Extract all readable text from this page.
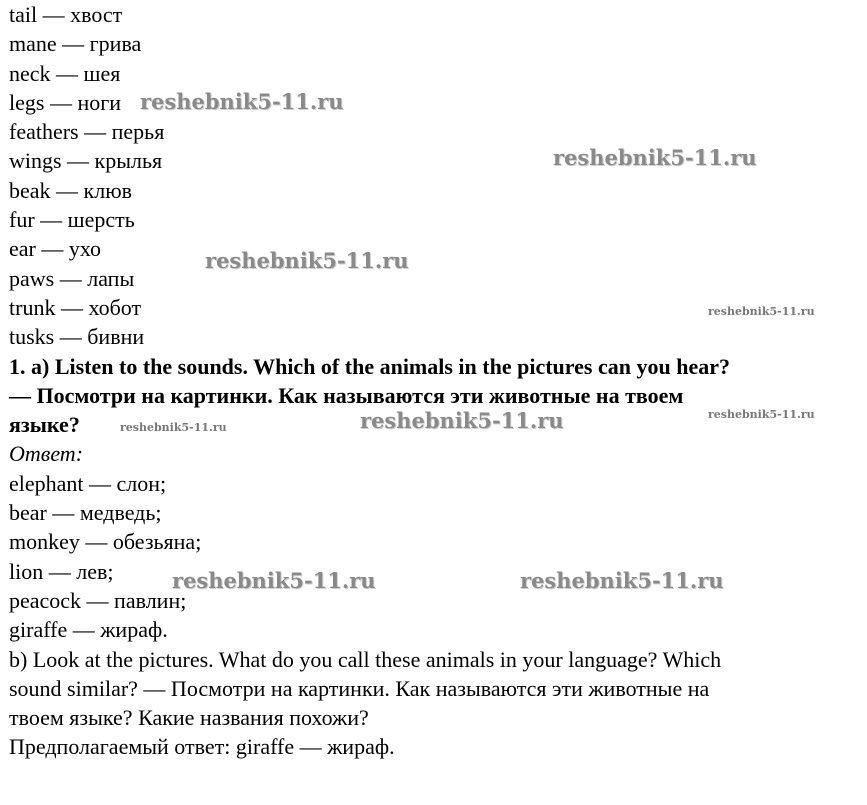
tail — хвост

mane — грива

neck — шея

legs — ноги

feathers — перья

wings — крылья

beak — клюв

fur — шерсть

ear — ухо

paws — лапы

trunk — хобот

tusks — бивни

1. a) Listen to the sounds. Which of the animals in the pictures can you hear?

— Посмотри на картинки. Как называются эти животные на твоем

языке?

Ответ:

elephant — слон;

bear — медведь;

monkey — обезьяна;

lion — лев;

peacock — павлин;

giraffe — жираф.

b) Look at the pictures. What do you call these animals in your language? Which

sound similar? — Посмотри на картинки. Как называются эти животные на

твоем языке? Какие названия похожи?

Предполагаемый ответ: giraffe — жираф.

reshebnik5-11.ru
reshebnik5-11.ru
reshebnik5-11.ru
reshebnik5-11.ru
reshebnik5-11.ru
reshebnik5-11.ru	reshebnik5-11.ru
reshebnik5-11.ru	reshebnik5-11.ru
